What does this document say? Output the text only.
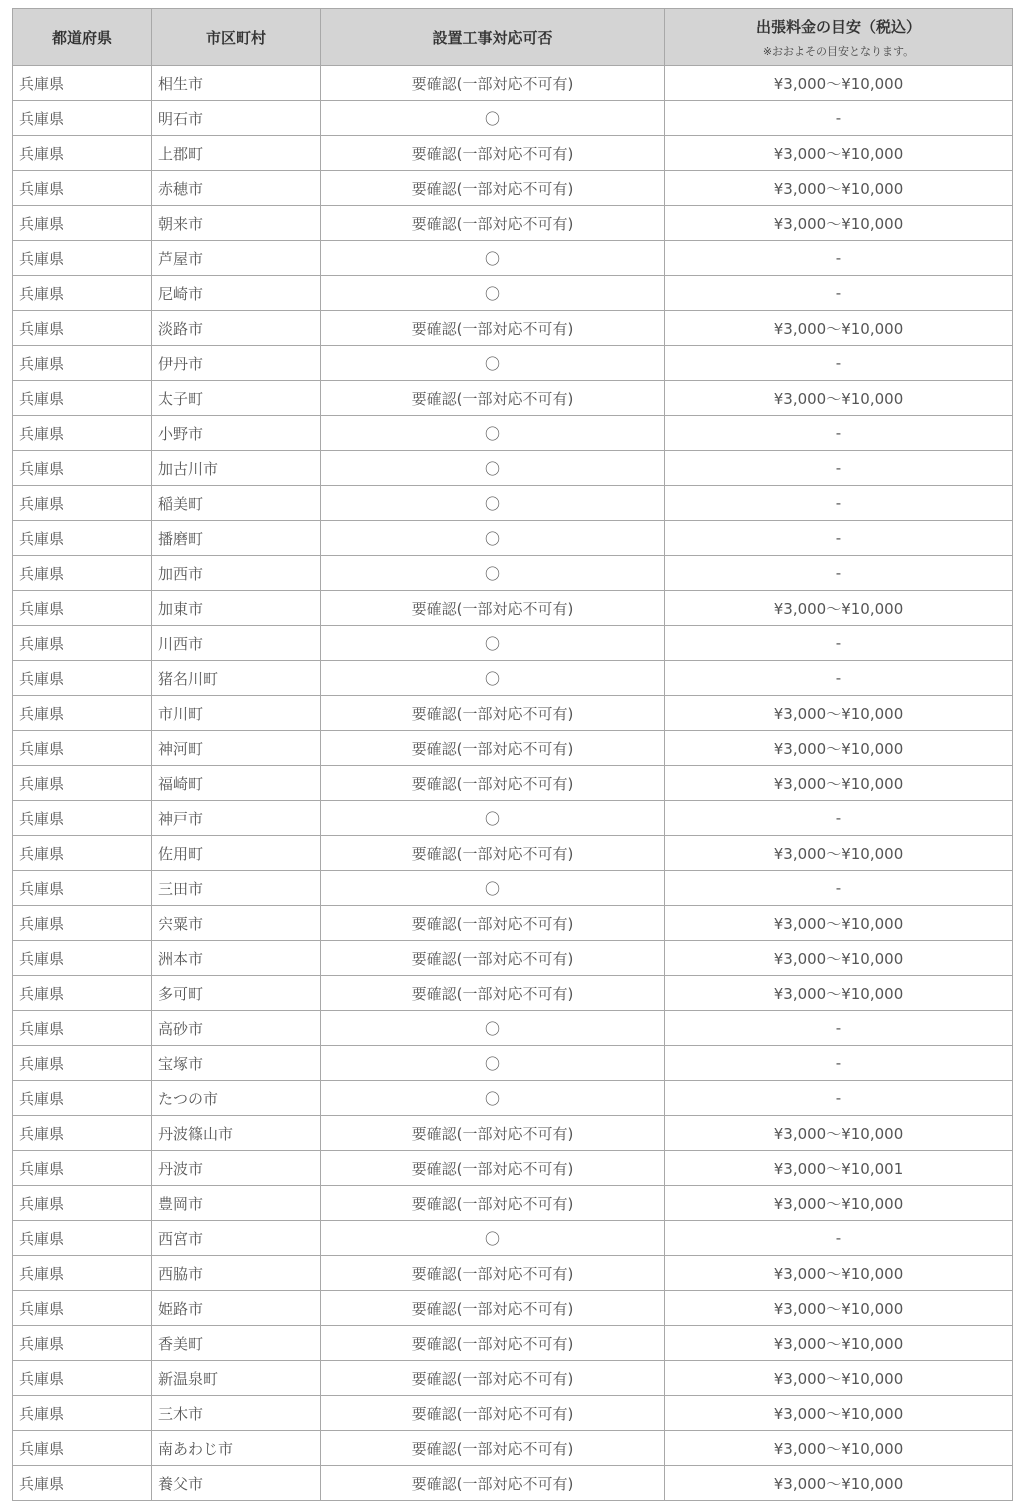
都道府県	市区町村	設置工事対応可否	出張料金の目安（税込）
※おおよその目安となります。

兵庫県	相生市	要確認(一部対応不可有)	¥3,000～¥10,000
兵庫県	明石市	〇	-
兵庫県	上郡町	要確認(一部対応不可有)	¥3,000～¥10,000
兵庫県	赤穂市	要確認(一部対応不可有)	¥3,000～¥10,000
兵庫県	朝来市	要確認(一部対応不可有)	¥3,000～¥10,000
兵庫県	芦屋市	〇	-
兵庫県	尼崎市	〇	-
兵庫県	淡路市	要確認(一部対応不可有)	¥3,000～¥10,000
兵庫県	伊丹市	〇	-
兵庫県	太子町	要確認(一部対応不可有)	¥3,000～¥10,000
兵庫県	小野市	〇	-
兵庫県	加古川市	〇	-
兵庫県	稲美町	〇	-
兵庫県	播磨町	〇	-
兵庫県	加西市	〇	-
兵庫県	加東市	要確認(一部対応不可有)	¥3,000～¥10,000
兵庫県	川西市	〇	-
兵庫県	猪名川町	〇	-
兵庫県	市川町	要確認(一部対応不可有)	¥3,000～¥10,000
兵庫県	神河町	要確認(一部対応不可有)	¥3,000～¥10,000
兵庫県	福崎町	要確認(一部対応不可有)	¥3,000～¥10,000
兵庫県	神戸市	〇	-
兵庫県	佐用町	要確認(一部対応不可有)	¥3,000～¥10,000
兵庫県	三田市	〇	-
兵庫県	宍粟市	要確認(一部対応不可有)	¥3,000～¥10,000
兵庫県	洲本市	要確認(一部対応不可有)	¥3,000～¥10,000
兵庫県	多可町	要確認(一部対応不可有)	¥3,000～¥10,000
兵庫県	高砂市	〇	-
兵庫県	宝塚市	〇	-
兵庫県	たつの市	〇	-
兵庫県	丹波篠山市	要確認(一部対応不可有)	¥3,000～¥10,000
兵庫県	丹波市	要確認(一部対応不可有)	¥3,000～¥10,001
兵庫県	豊岡市	要確認(一部対応不可有)	¥3,000～¥10,000
兵庫県	西宮市	〇	-
兵庫県	西脇市	要確認(一部対応不可有)	¥3,000～¥10,000
兵庫県	姫路市	要確認(一部対応不可有)	¥3,000～¥10,000
兵庫県	香美町	要確認(一部対応不可有)	¥3,000～¥10,000
兵庫県	新温泉町	要確認(一部対応不可有)	¥3,000～¥10,000
兵庫県	三木市	要確認(一部対応不可有)	¥3,000～¥10,000
兵庫県	南あわじ市	要確認(一部対応不可有)	¥3,000～¥10,000
兵庫県	養父市	要確認(一部対応不可有)	¥3,000～¥10,000
